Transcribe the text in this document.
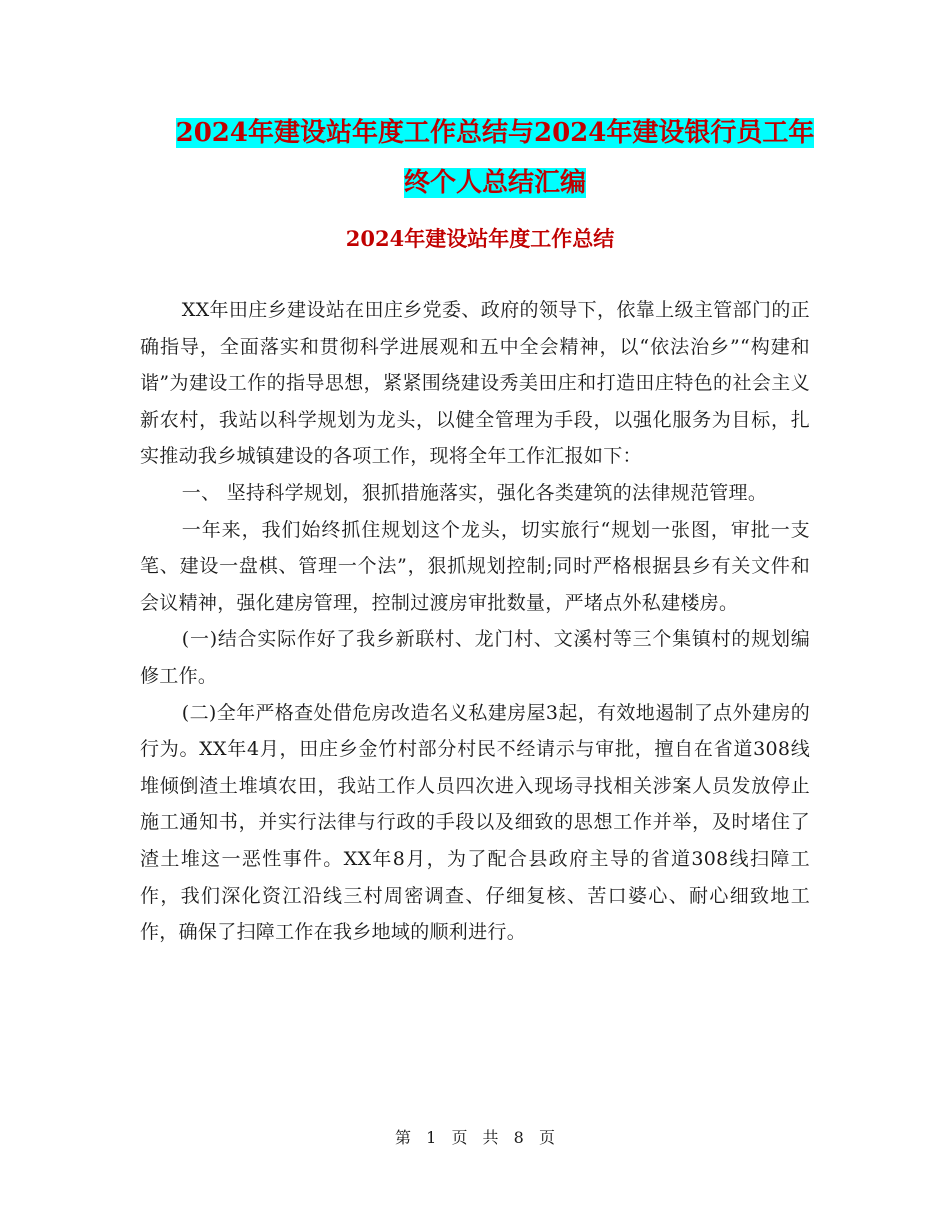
2024年建设站年度工作总结与2024年建设银行员工年
终个人总结汇编
2024年建设站年度工作总结

XX年田庄乡建设站在田庄乡党委、政府的领导下，依靠上级主管部门的正确指导，全面落实和贯彻科学进展观和五中全会精神，以“依法治乡”“构建和谐”为建设工作的指导思想，紧紧围绕建设秀美田庄和打造田庄特色的社会主义新农村，我站以科学规划为龙头，以健全管理为手段，以强化服务为目标，扎实推动我乡城镇建设的各项工作，现将全年工作汇报如下：

一、 坚持科学规划，狠抓措施落实，强化各类建筑的法律规范管理。

一年来，我们始终抓住规划这个龙头，切实旅行“规划一张图，审批一支笔、建设一盘棋、管理一个法”，狠抓规划控制;同时严格根据县乡有关文件和会议精神，强化建房管理，控制过渡房审批数量，严堵点外私建楼房。

(一)结合实际作好了我乡新联村、龙门村、文溪村等三个集镇村的规划编修工作。

(二)全年严格查处借危房改造名义私建房屋3起，有效地遏制了点外建房的行为。XX年4月，田庄乡金竹村部分村民不经请示与审批，擅自在省道308线堆倾倒渣土堆填农田，我站工作人员四次进入现场寻找相关涉案人员发放停止施工通知书，并实行法律与行政的手段以及细致的思想工作并举，及时堵住了渣土堆这一恶性事件。XX年8月，为了配合县政府主导的省道308线扫障工作，我们深化资江沿线三村周密调查、仔细复核、苦口婆心、耐心细致地工作，确保了扫障工作在我乡地域的顺利进行。

第 1 页 共 8 页
